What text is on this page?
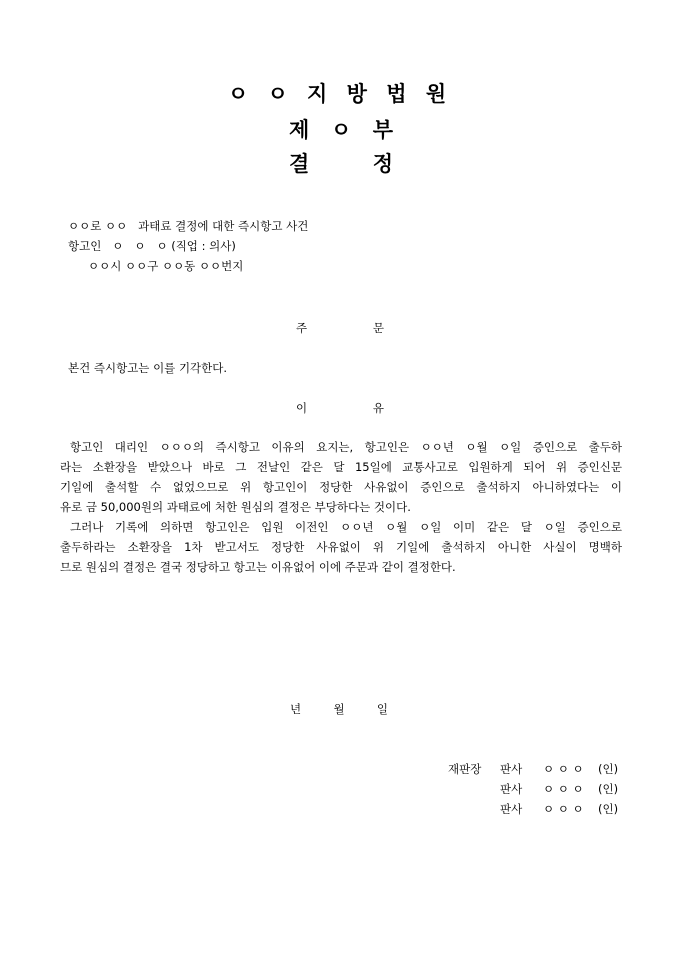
ㅇ ㅇ 지 방 법 원
제 ㅇ 부
결	정
ㅇㅇ로 ㅇㅇ   과태료 결정에 대한 즉시항고 사건
항고인   ㅇ   ㅇ   ㅇ (직업 : 의사)
ㅇㅇ시 ㅇㅇ구 ㅇㅇ동 ㅇㅇ번지
주	문
본건 즉시항고는 이를 기각한다.
이	유
항고인 대리인 ㅇㅇㅇ의 즉시항고 이유의 요지는, 항고인은 ㅇㅇ년 ㅇ월 ㅇ일 증인으로 출두하
라는 소환장을 받았으나 바로 그 전날인 같은 달 15일에 교통사고로 입원하게 되어 위 증인신문
기일에 출석할 수 없었으므로 위 항고인이 정당한 사유없이 증인으로 출석하지 아니하였다는 이
유로 금 50,000원의 과태료에 처한 원심의 결정은 부당하다는 것이다.
그러나 기록에 의하면 항고인은 입원 이전인 ㅇㅇ년 ㅇ월 ㅇ일 이미 같은 달 ㅇ일 증인으로
출두하라는 소환장을 1차 받고서도 정당한 사유없이 위 기일에 출석하지 아니한 사실이 명백하
므로 원심의 결정은 결국 정당하고 항고는 이유없어 이에 주문과 같이 결정한다.
년	월	일
재판장 판사 ㅇ ㅇ ㅇ (인)
판사 ㅇ ㅇ ㅇ (인)
판사 ㅇ ㅇ ㅇ (인)
